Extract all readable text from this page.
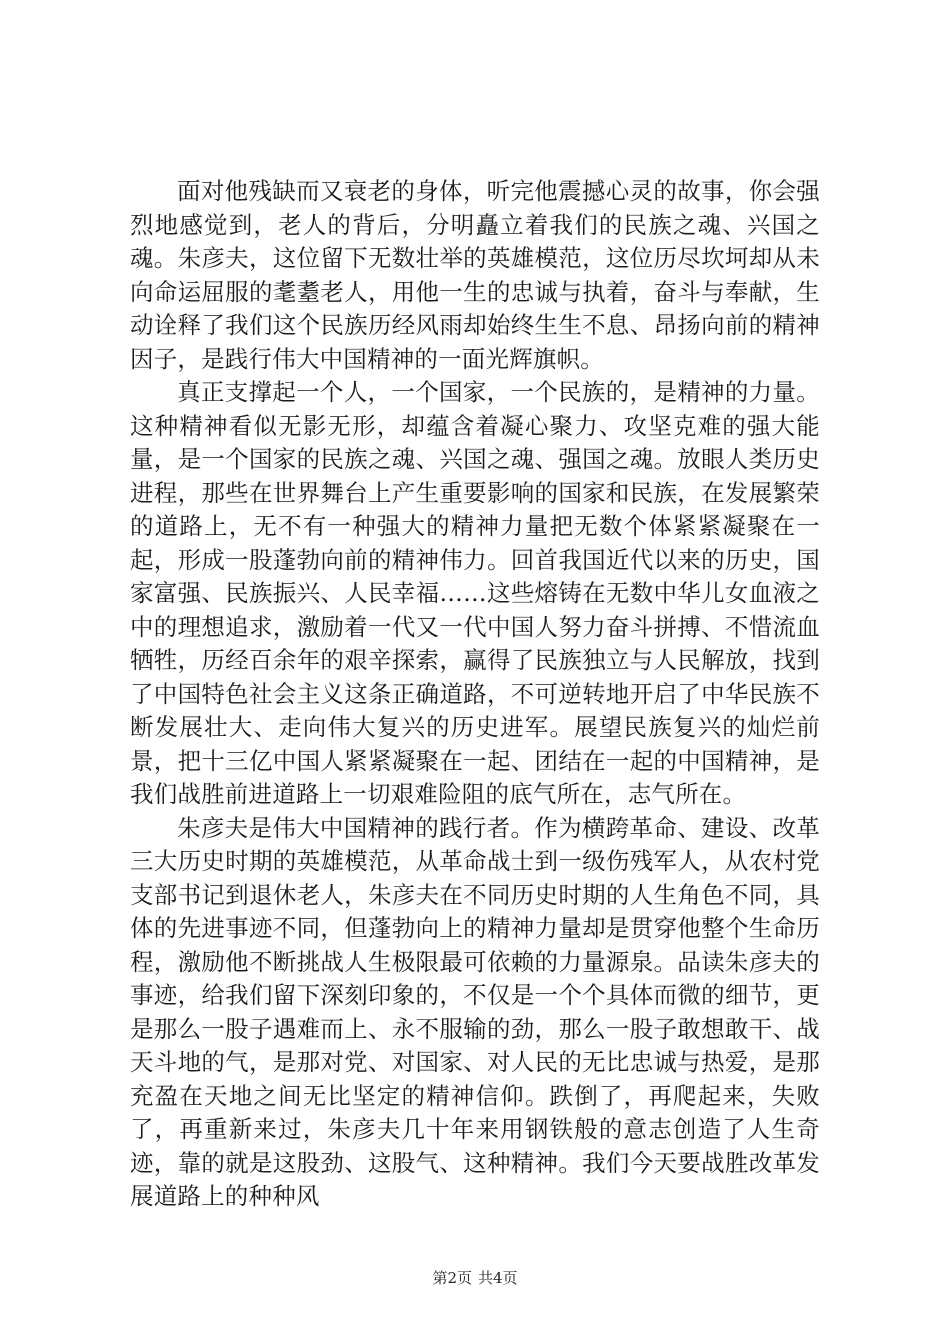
面对他残缺而又衰老的身体，听完他震撼心灵的故事，你会强烈地感觉到，老人的背后，分明矗立着我们的民族之魂、兴国之魂。朱彦夫，这位留下无数壮举的英雄模范，这位历尽坎坷却从未向命运屈服的耄耋老人，用他一生的忠诚与执着，奋斗与奉献，生动诠释了我们这个民族历经风雨却始终生生不息、昂扬向前的精神因子，是践行伟大中国精神的一面光辉旗帜。

真正支撑起一个人，一个国家，一个民族的，是精神的力量。这种精神看似无影无形，却蕴含着凝心聚力、攻坚克难的强大能量，是一个国家的民族之魂、兴国之魂、强国之魂。放眼人类历史进程，那些在世界舞台上产生重要影响的国家和民族，在发展繁荣的道路上，无不有一种强大的精神力量把无数个体紧紧凝聚在一起，形成一股蓬勃向前的精神伟力。回首我国近代以来的历史，国家富强、民族振兴、人民幸福……这些熔铸在无数中华儿女血液之中的理想追求，激励着一代又一代中国人努力奋斗拼搏、不惜流血牺牲，历经百余年的艰辛探索，赢得了民族独立与人民解放，找到了中国特色社会主义这条正确道路，不可逆转地开启了中华民族不断发展壮大、走向伟大复兴的历史进军。展望民族复兴的灿烂前景，把十三亿中国人紧紧凝聚在一起、团结在一起的中国精神，是我们战胜前进道路上一切艰难险阻的底气所在，志气所在。

朱彦夫是伟大中国精神的践行者。作为横跨革命、建设、改革三大历史时期的英雄模范，从革命战士到一级伤残军人，从农村党支部书记到退休老人，朱彦夫在不同历史时期的人生角色不同，具体的先进事迹不同，但蓬勃向上的精神力量却是贯穿他整个生命历程，激励他不断挑战人生极限最可依赖的力量源泉。品读朱彦夫的事迹，给我们留下深刻印象的，不仅是一个个具体而微的细节，更是那么一股子遇难而上、永不服输的劲，那么一股子敢想敢干、战天斗地的气，是那对党、对国家、对人民的无比忠诚与热爱，是那充盈在天地之间无比坚定的精神信仰。跌倒了，再爬起来，失败了，再重新来过，朱彦夫几十年来用钢铁般的意志创造了人生奇迹，靠的就是这股劲、这股气、这种精神。我们今天要战胜改革发展道路上的种种风

第2页 共4页
